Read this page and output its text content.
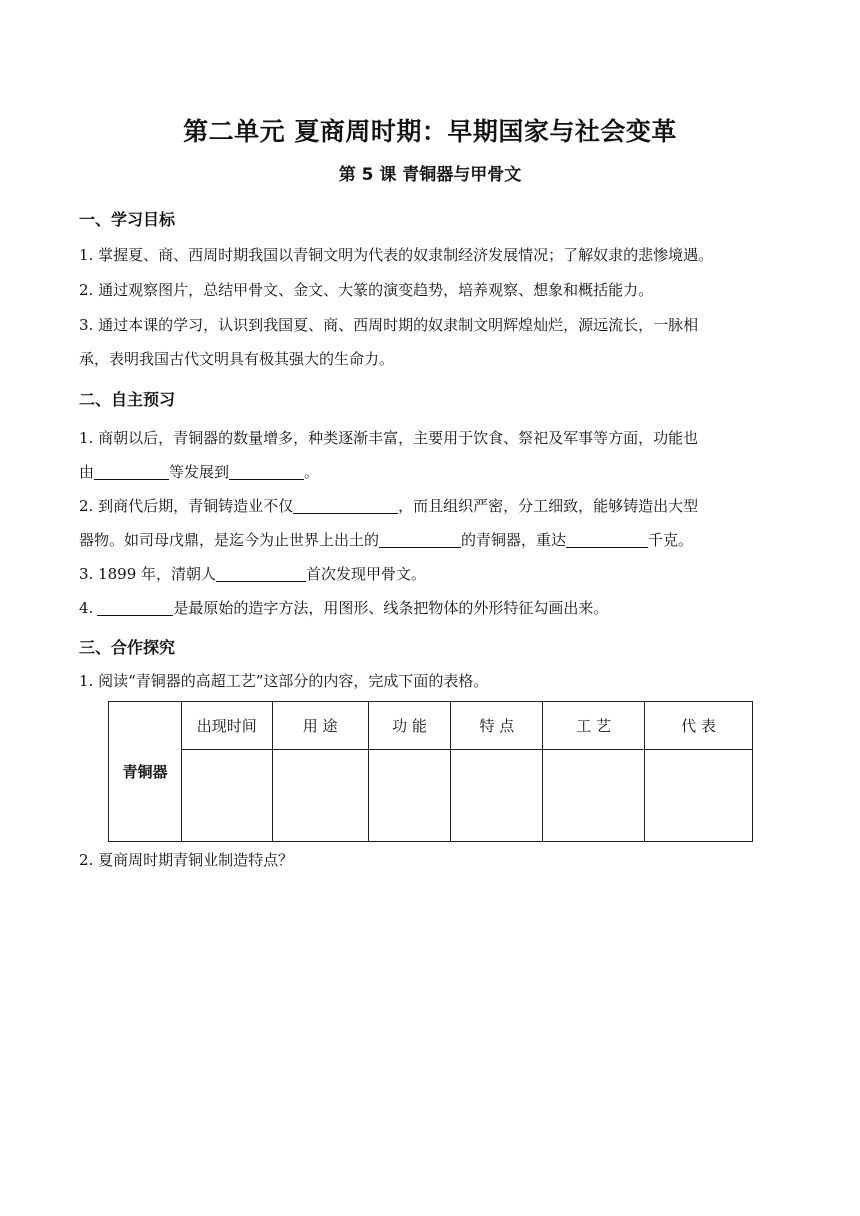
第二单元 夏商周时期：早期国家与社会变革
第 5 课 青铜器与甲骨文
一、学习目标
1. 掌握夏、商、西周时期我国以青铜文明为代表的奴隶制经济发展情况；了解奴隶的悲惨境遇。
2. 通过观察图片，总结甲骨文、金文、大篆的演变趋势，培养观察、想象和概括能力。
3. 通过本课的学习，认识到我国夏、商、西周时期的奴隶制文明辉煌灿烂，源远流长，一脉相
承，表明我国古代文明具有极其强大的生命力。
二、自主预习
1. 商朝以后，青铜器的数量增多，种类逐渐丰富，主要用于饮食、祭祀及军事等方面，功能也
由	等发展到	。
2. 到商代后期，青铜铸造业不仅	，而且组织严密，分工细致，能够铸造出大型
器物。如司母戊鼎，是迄今为止世界上出土的	的青铜器，重达	千克。
3. 1899 年，清朝人	首次发现甲骨文。
4.	是最原始的造字方法，用图形、线条把物体的外形特征勾画出来。
三、合作探究
1. 阅读“青铜器的高超工艺”这部分的内容，完成下面的表格。
青铜器	出现时间	用 途	功 能	特 点	工 艺	代 表

2. 夏商周时期青铜业制造特点？
